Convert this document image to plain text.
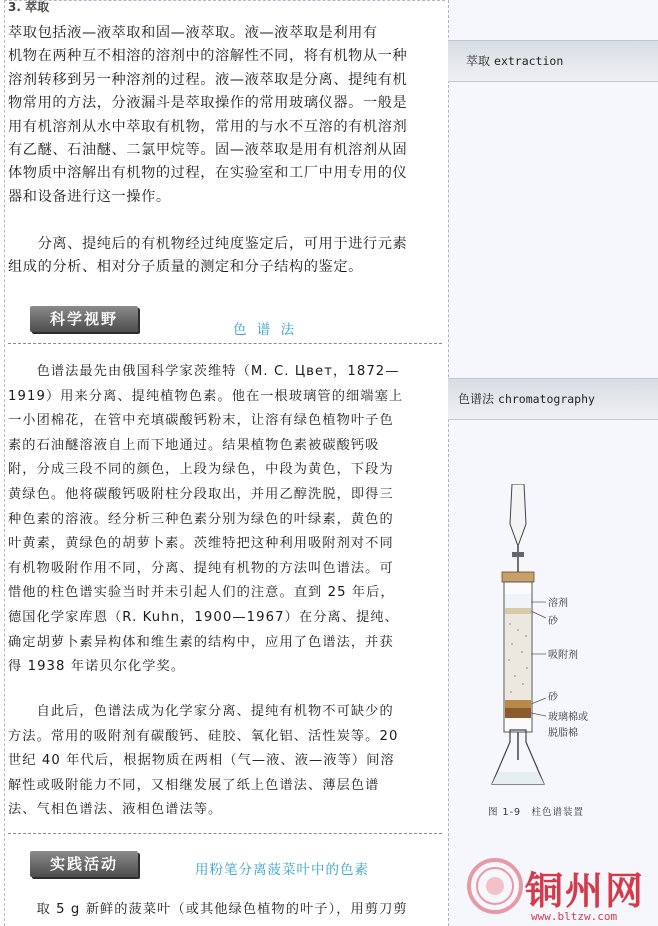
3. 萃取
萃取包括液—液萃取和固—液萃取。液—液萃取是利用有
机物在两种互不相溶的溶剂中的溶解性不同，将有机物从一种
溶剂转移到另一种溶剂的过程。液—液萃取是分离、提纯有机
物常用的方法，分液漏斗是萃取操作的常用玻璃仪器。一般是
用有机溶剂从水中萃取有机物，常用的与水不互溶的有机溶剂
有乙醚、石油醚、二氯甲烷等。固—液萃取是用有机溶剂从固
体物质中溶解出有机物的过程，在实验室和工厂中用专用的仪
器和设备进行这一操作。
　　分离、提纯后的有机物经过纯度鉴定后，可用于进行元素
组成的分析、相对分子质量的测定和分子结构的鉴定。
科学视野
色 谱 法
　　色谱法最先由俄国科学家茨维特（M. C. Цвет，1872—
1919）用来分离、提纯植物色素。他在一根玻璃管的细端塞上
一小团棉花，在管中充填碳酸钙粉末，让溶有绿色植物叶子色
素的石油醚溶液自上而下地通过。结果植物色素被碳酸钙吸
附，分成三段不同的颜色，上段为绿色，中段为黄色，下段为
黄绿色。他将碳酸钙吸附柱分段取出，并用乙醇洗脱，即得三
种色素的溶液。经分析三种色素分别为绿色的叶绿素，黄色的
叶黄素，黄绿色的胡萝卜素。茨维特把这种利用吸附剂对不同
有机物吸附作用不同，分离、提纯有机物的方法叫色谱法。可
惜他的柱色谱实验当时并未引起人们的注意。直到 25 年后，
德国化学家库恩（R. Kuhn，1900—1967）在分离、提纯、
确定胡萝卜素异构体和维生素的结构中，应用了色谱法，并获
得 1938 年诺贝尔化学奖。
　　自此后，色谱法成为化学家分离、提纯有机物不可缺少的
方法。常用的吸附剂有碳酸钙、硅胶、氧化铝、活性炭等。20
世纪 40 年代后，根据物质在两相（气—液、液—液等）间溶
解性或吸附能力不同，又相继发展了纸上色谱法、薄层色谱
法、气相色谱法、液相色谱法等。
实践活动	用粉笔分离菠菜叶中的色素
　　取 5 g 新鲜的菠菜叶（或其他绿色植物的叶子），用剪刀剪
萃取 extraction
色谱法 chromatography
溶剂
砂
吸附剂
砂
玻璃棉或
脱脂棉
图 1-9　柱色谱装置
铜州网
www.bltzw.com
